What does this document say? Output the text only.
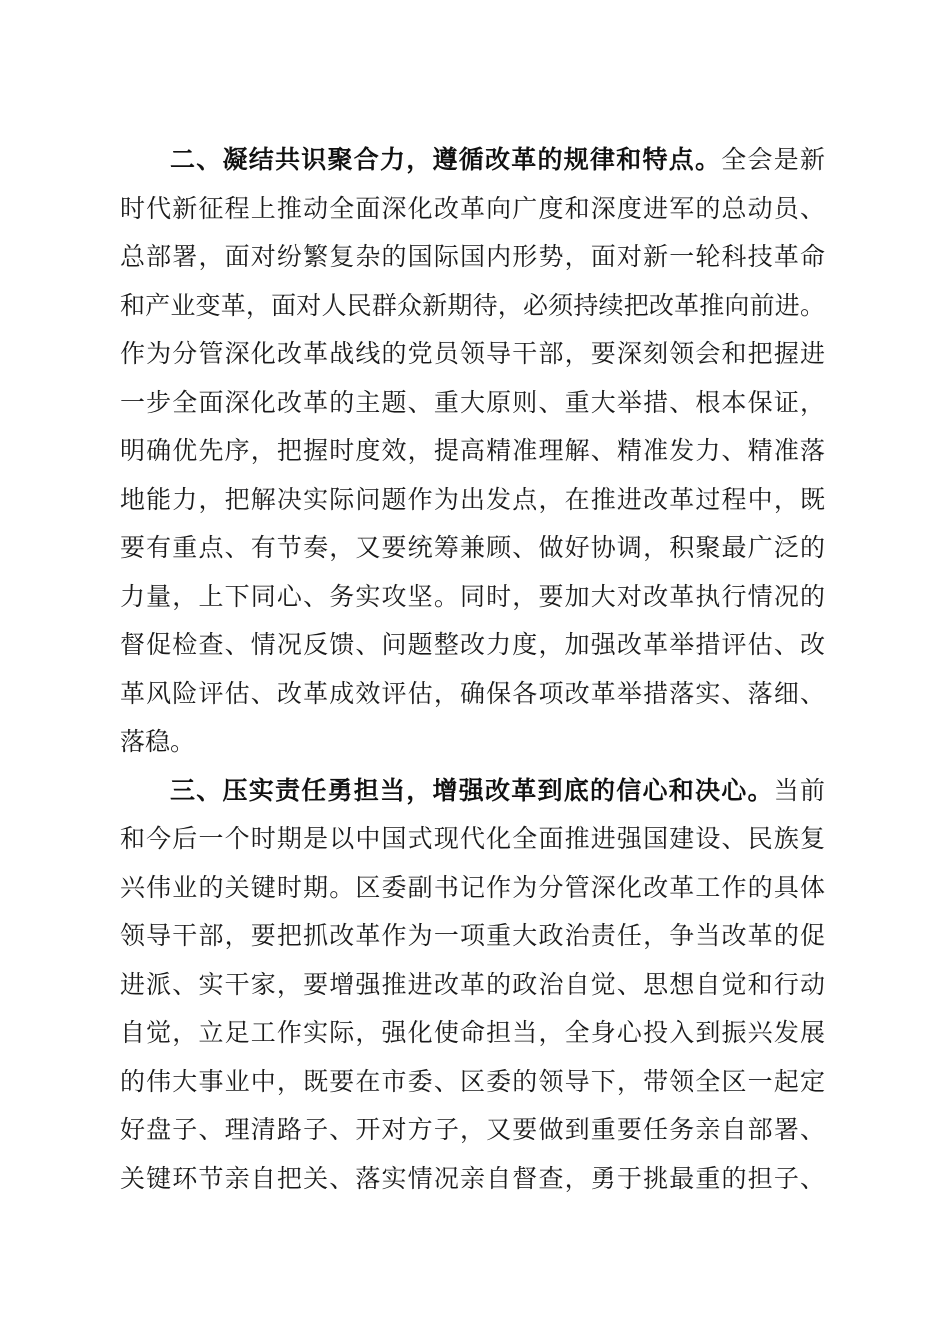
二、凝结共识聚合力，遵循改革的规律和特点。全会是新
时代新征程上推动全面深化改革向广度和深度进军的总动员、
总部署，面对纷繁复杂的国际国内形势，面对新一轮科技革命
和产业变革，面对人民群众新期待，必须持续把改革推向前进。
作为分管深化改革战线的党员领导干部，要深刻领会和把握进
一步全面深化改革的主题、重大原则、重大举措、根本保证，
明确优先序，把握时度效，提高精准理解、精准发力、精准落
地能力，把解决实际问题作为出发点，在推进改革过程中，既
要有重点、有节奏，又要统筹兼顾、做好协调，积聚最广泛的
力量，上下同心、务实攻坚。同时，要加大对改革执行情况的
督促检查、情况反馈、问题整改力度，加强改革举措评估、改
革风险评估、改革成效评估，确保各项改革举措落实、落细、
落稳。
三、压实责任勇担当，增强改革到底的信心和决心。当前
和今后一个时期是以中国式现代化全面推进强国建设、民族复
兴伟业的关键时期。区委副书记作为分管深化改革工作的具体
领导干部，要把抓改革作为一项重大政治责任，争当改革的促
进派、实干家，要增强推进改革的政治自觉、思想自觉和行动
自觉，立足工作实际，强化使命担当，全身心投入到振兴发展
的伟大事业中，既要在市委、区委的领导下，带领全区一起定
好盘子、理清路子、开对方子，又要做到重要任务亲自部署、
关键环节亲自把关、落实情况亲自督查，勇于挑最重的担子、
